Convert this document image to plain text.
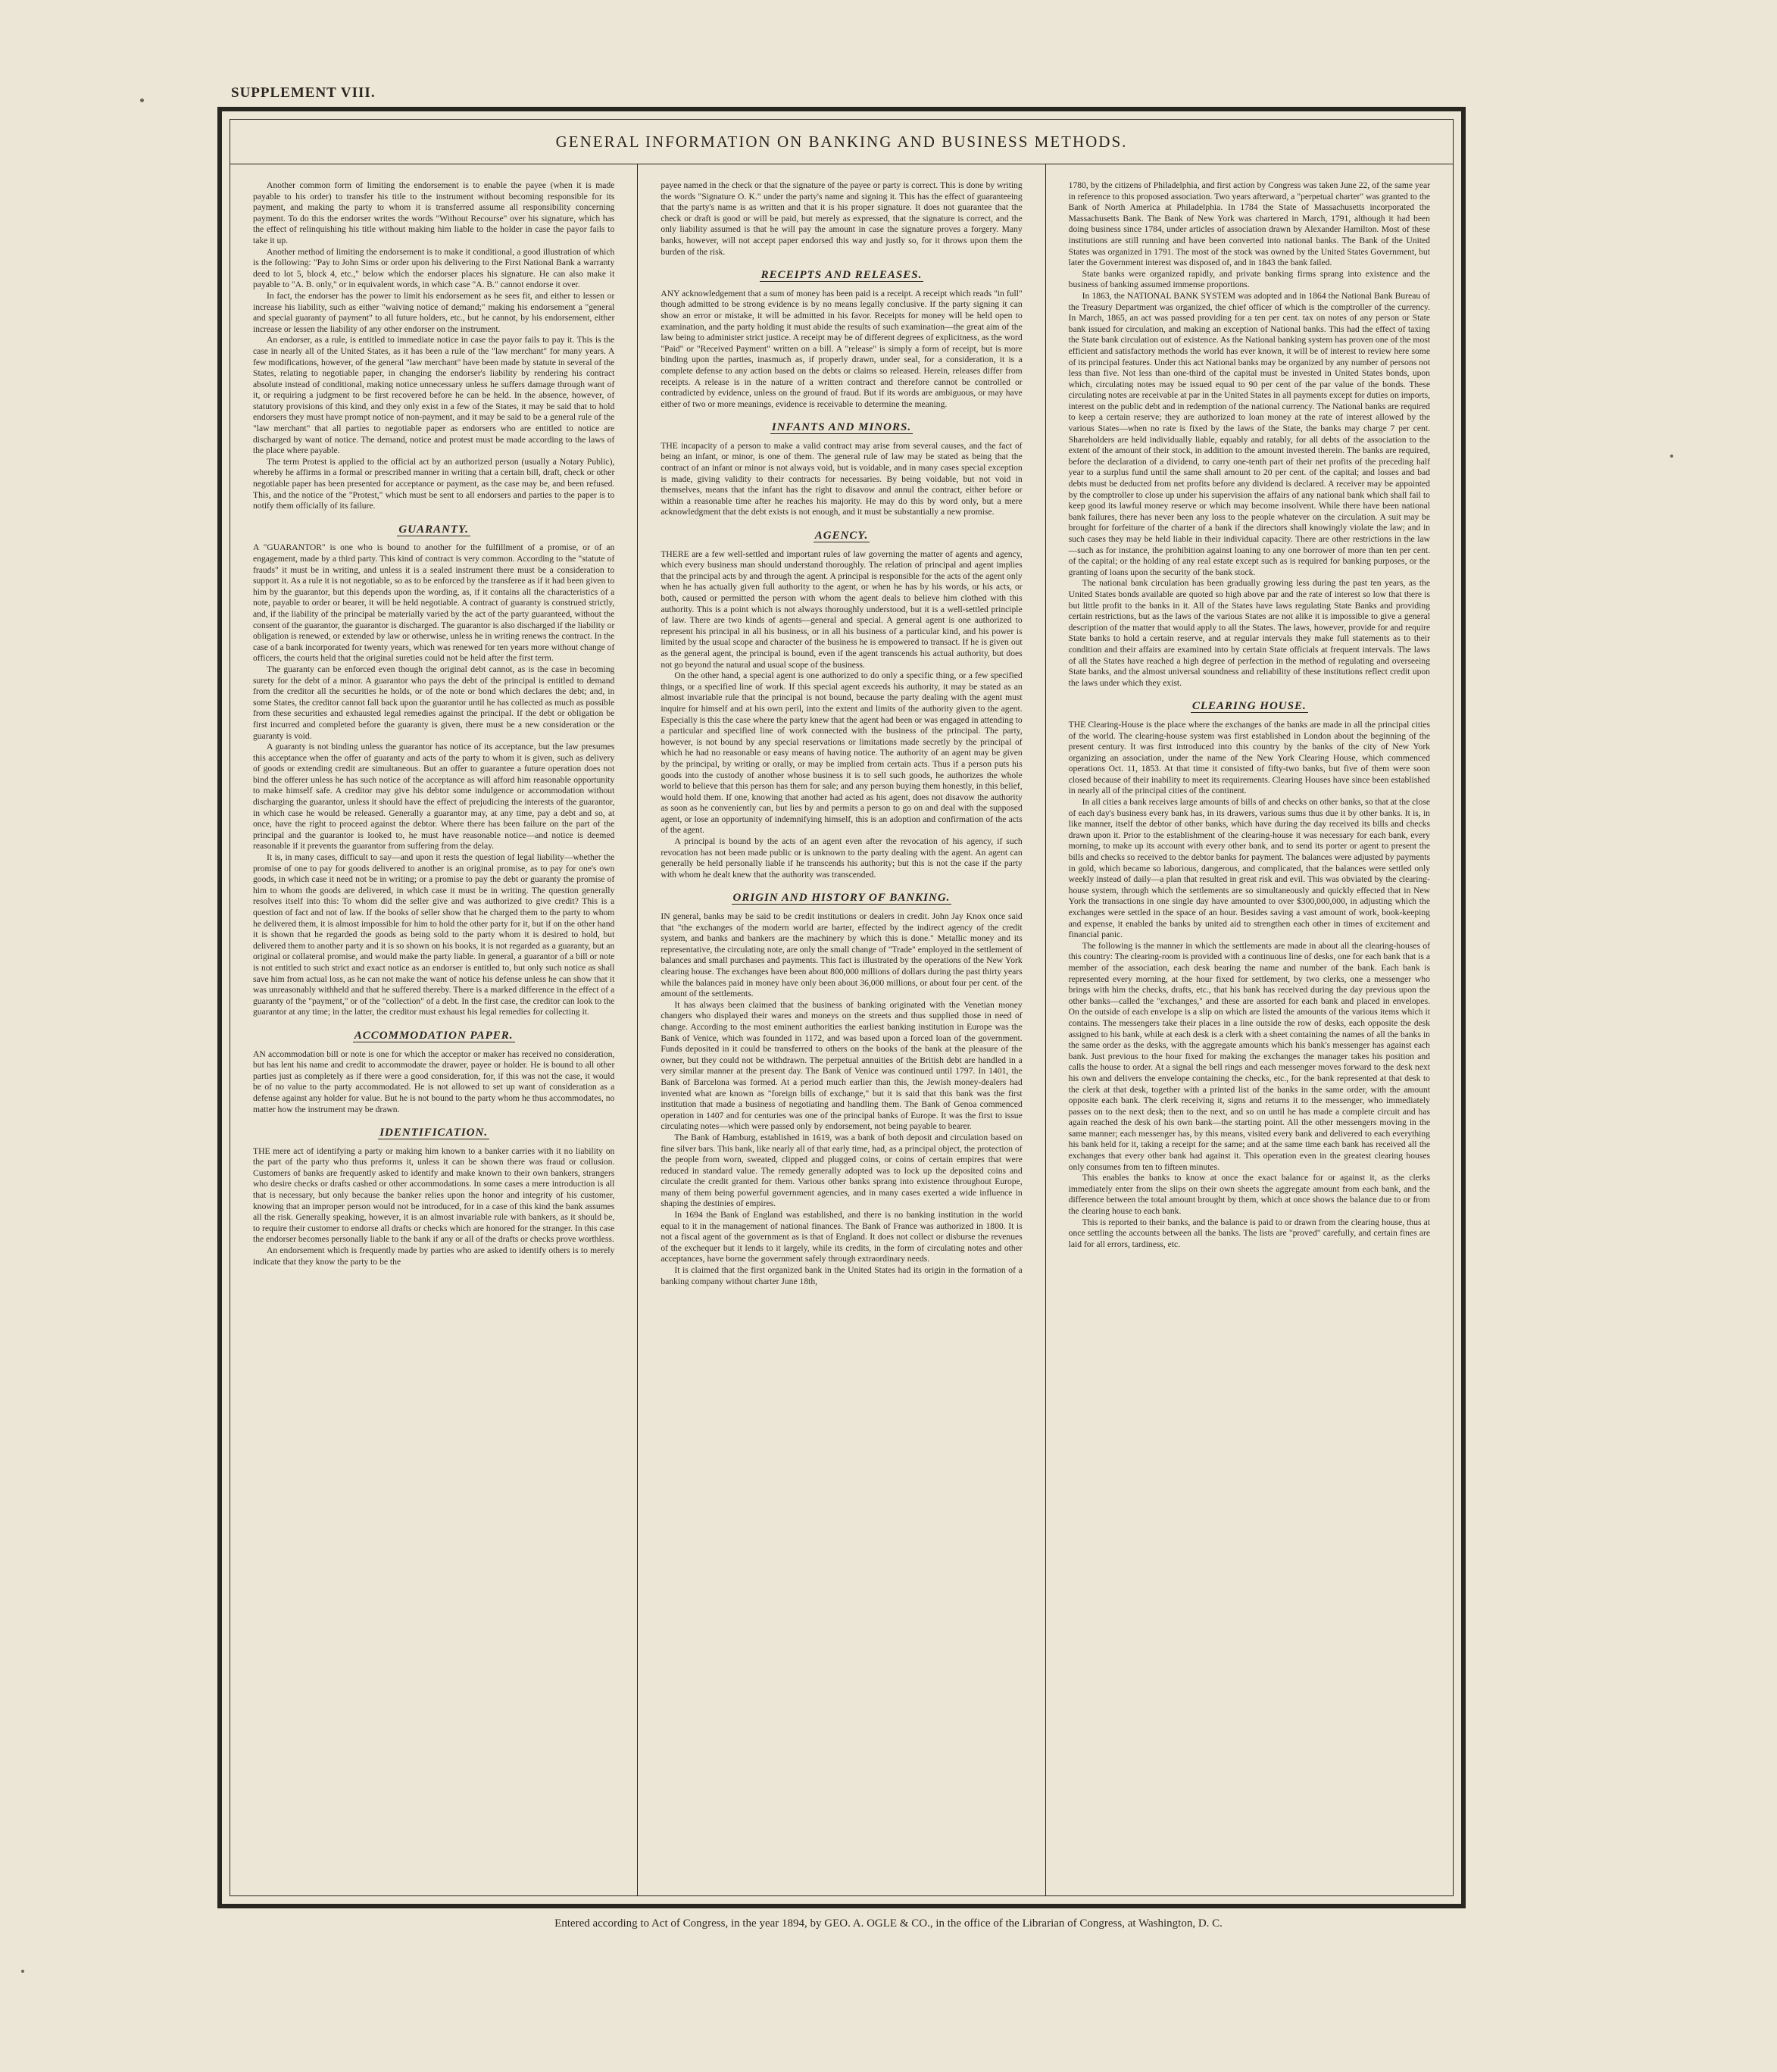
SUPPLEMENT VIII.
GENERAL INFORMATION ON BANKING AND BUSINESS METHODS.

Another common form of limiting the endorsement is to enable the payee (when it is made payable to his order) to transfer his title to the instrument without becoming responsible for its payment, and making the party to whom it is transferred assume all responsibility concerning payment. To do this the endorser writes the words "Without Recourse" over his signature, which has the effect of relinquishing his title without making him liable to the holder in case the payor fails to take it up.

Another method of limiting the endorsement is to make it conditional, a good illustration of which is the following: "Pay to John Sims or order upon his delivering to the First National Bank a warranty deed to lot 5, block 4, etc.," below which the endorser places his signature. He can also make it payable to "A. B. only," or in equivalent words, in which case "A. B." cannot endorse it over.

In fact, the endorser has the power to limit his endorsement as he sees fit, and either to lessen or increase his liability, such as either "waiving notice of demand;" making his endorsement a "general and special guaranty of payment" to all future holders, etc., but he cannot, by his endorsement, either increase or lessen the liability of any other endorser on the instrument.

An endorser, as a rule, is entitled to immediate notice in case the payor fails to pay it. This is the case in nearly all of the United States, as it has been a rule of the "law merchant" for many years. A few modifications, however, of the general "law merchant" have been made by statute in several of the States, relating to negotiable paper, in changing the endorser's liability by rendering his contract absolute instead of conditional, making notice unnecessary unless he suffers damage through want of it, or requiring a judgment to be first recovered before he can be held. In the absence, however, of statutory provisions of this kind, and they only exist in a few of the States, it may be said that to hold endorsers they must have prompt notice of non-payment, and it may be said to be a general rule of the "law merchant" that all parties to negotiable paper as endorsers who are entitled to notice are discharged by want of notice. The demand, notice and protest must be made according to the laws of the place where payable.

The term Protest is applied to the official act by an authorized person (usually a Notary Public), whereby he affirms in a formal or prescribed manner in writing that a certain bill, draft, check or other negotiable paper has been presented for acceptance or payment, as the case may be, and been refused. This, and the notice of the "Protest," which must be sent to all endorsers and parties to the paper is to notify them officially of its failure.

GUARANTY.

A "GUARANTOR" is one who is bound to another for the fulfillment of a promise, or of an engagement, made by a third party. This kind of contract is very common. According to the "statute of frauds" it must be in writing, and unless it is a sealed instrument there must be a consideration to support it. As a rule it is not negotiable, so as to be enforced by the transferee as if it had been given to him by the guarantor, but this depends upon the wording, as, if it contains all the characteristics of a note, payable to order or bearer, it will be held negotiable. A contract of guaranty is construed strictly, and, if the liability of the principal be materially varied by the act of the party guaranteed, without the consent of the guarantor, the guarantor is discharged. The guarantor is also discharged if the liability or obligation is renewed, or extended by law or otherwise, unless he in writing renews the contract. In the case of a bank incorporated for twenty years, which was renewed for ten years more without change of officers, the courts held that the original sureties could not be held after the first term.

The guaranty can be enforced even though the original debt cannot, as is the case in becoming surety for the debt of a minor. A guarantor who pays the debt of the principal is entitled to demand from the creditor all the securities he holds, or of the note or bond which declares the debt; and, in some States, the creditor cannot fall back upon the guarantor until he has collected as much as possible from these securities and exhausted legal remedies against the principal. If the debt or obligation be first incurred and completed before the guaranty is given, there must be a new consideration or the guaranty is void.

A guaranty is not binding unless the guarantor has notice of its acceptance, but the law presumes this acceptance when the offer of guaranty and acts of the party to whom it is given, such as delivery of goods or extending credit are simultaneous. But an offer to guarantee a future operation does not bind the offerer unless he has such notice of the acceptance as will afford him reasonable opportunity to make himself safe. A creditor may give his debtor some indulgence or accommodation without discharging the guarantor, unless it should have the effect of prejudicing the interests of the guarantor, in which case he would be released. Generally a guarantor may, at any time, pay a debt and so, at once, have the right to proceed against the debtor. Where there has been failure on the part of the principal and the guarantor is looked to, he must have reasonable notice—and notice is deemed reasonable if it prevents the guarantor from suffering from the delay.

It is, in many cases, difficult to say—and upon it rests the question of legal liability—whether the promise of one to pay for goods delivered to another is an original promise, as to pay for one's own goods, in which case it need not be in writing; or a promise to pay the debt or guaranty the promise of him to whom the goods are delivered, in which case it must be in writing. The question generally resolves itself into this: To whom did the seller give and was authorized to give credit? This is a question of fact and not of law. If the books of seller show that he charged them to the party to whom he delivered them, it is almost impossible for him to hold the other party for it, but if on the other hand it is shown that he regarded the goods as being sold to the party whom it is desired to hold, but delivered them to another party and it is so shown on his books, it is not regarded as a guaranty, but an original or collateral promise, and would make the party liable. In general, a guarantor of a bill or note is not entitled to such strict and exact notice as an endorser is entitled to, but only such notice as shall save him from actual loss, as he can not make the want of notice his defense unless he can show that it was unreasonably withheld and that he suffered thereby. There is a marked difference in the effect of a guaranty of the "payment," or of the "collection" of a debt. In the first case, the creditor can look to the guarantor at any time; in the latter, the creditor must exhaust his legal remedies for collecting it.

ACCOMMODATION PAPER.

AN accommodation bill or note is one for which the acceptor or maker has received no consideration, but has lent his name and credit to accommodate the drawer, payee or holder. He is bound to all other parties just as completely as if there were a good consideration, for, if this was not the case, it would be of no value to the party accommodated. He is not allowed to set up want of consideration as a defense against any holder for value. But he is not bound to the party whom he thus accommodates, no matter how the instrument may be drawn.

IDENTIFICATION.

THE mere act of identifying a party or making him known to a banker carries with it no liability on the part of the party who thus preforms it, unless it can be shown there was fraud or collusion. Customers of banks are frequently asked to identify and make known to their own bankers, strangers who desire checks or drafts cashed or other accommodations. In some cases a mere introduction is all that is necessary, but only because the banker relies upon the honor and integrity of his customer, knowing that an improper person would not be introduced, for in a case of this kind the bank assumes all the risk. Generally speaking, however, it is an almost invariable rule with bankers, as it should be, to require their customer to endorse all drafts or checks which are honored for the stranger. In this case the endorser becomes personally liable to the bank if any or all of the drafts or checks prove worthless.

An endorsement which is frequently made by parties who are asked to identify others is to merely indicate that they know the party to be the

payee named in the check or that the signature of the payee or party is correct. This is done by writing the words "Signature O. K." under the party's name and signing it. This has the effect of guaranteeing that the party's name is as written and that it is his proper signature. It does not guarantee that the check or draft is good or will be paid, but merely as expressed, that the signature is correct, and the only liability assumed is that he will pay the amount in case the signature proves a forgery. Many banks, however, will not accept paper endorsed this way and justly so, for it throws upon them the burden of the risk.

RECEIPTS AND RELEASES.

ANY acknowledgement that a sum of money has been paid is a receipt. A receipt which reads "in full" though admitted to be strong evidence is by no means legally conclusive. If the party signing it can show an error or mistake, it will be admitted in his favor. Receipts for money will be held open to examination, and the party holding it must abide the results of such examination—the great aim of the law being to administer strict justice. A receipt may be of different degrees of explicitness, as the word "Paid" or "Received Payment" written on a bill. A "release" is simply a form of receipt, but is more binding upon the parties, inasmuch as, if properly drawn, under seal, for a consideration, it is a complete defense to any action based on the debts or claims so released. Herein, releases differ from receipts. A release is in the nature of a written contract and therefore cannot be controlled or contradicted by evidence, unless on the ground of fraud. But if its words are ambiguous, or may have either of two or more meanings, evidence is receivable to determine the meaning.

INFANTS AND MINORS.

THE incapacity of a person to make a valid contract may arise from several causes, and the fact of being an infant, or minor, is one of them. The general rule of law may be stated as being that the contract of an infant or minor is not always void, but is voidable, and in many cases special exception is made, giving validity to their contracts for necessaries. By being voidable, but not void in themselves, means that the infant has the right to disavow and annul the contract, either before or within a reasonable time after he reaches his majority. He may do this by word only, but a mere acknowledgment that the debt exists is not enough, and it must be substantially a new promise.

AGENCY.

THERE are a few well-settled and important rules of law governing the matter of agents and agency, which every business man should understand thoroughly. The relation of principal and agent implies that the principal acts by and through the agent. A principal is responsible for the acts of the agent only when he has actually given full authority to the agent, or when he has by his words, or his acts, or both, caused or permitted the person with whom the agent deals to believe him clothed with this authority. This is a point which is not always thoroughly understood, but it is a well-settled principle of law. There are two kinds of agents—general and special. A general agent is one authorized to represent his principal in all his business, or in all his business of a particular kind, and his power is limited by the usual scope and character of the business he is empowered to transact. If he is given out as the general agent, the principal is bound, even if the agent transcends his actual authority, but does not go beyond the natural and usual scope of the business.

On the other hand, a special agent is one authorized to do only a specific thing, or a few specified things, or a specified line of work. If this special agent exceeds his authority, it may be stated as an almost invariable rule that the principal is not bound, because the party dealing with the agent must inquire for himself and at his own peril, into the extent and limits of the authority given to the agent. Especially is this the case where the party knew that the agent had been or was engaged in attending to a particular and specified line of work connected with the business of the principal. The party, however, is not bound by any special reservations or limitations made secretly by the principal of which he had no reasonable or easy means of having notice. The authority of an agent may be given by the principal, by writing or orally, or may be implied from certain acts. Thus if a person puts his goods into the custody of another whose business it is to sell such goods, he authorizes the whole world to believe that this person has them for sale; and any person buying them honestly, in this belief, would hold them. If one, knowing that another had acted as his agent, does not disavow the authority as soon as he conveniently can, but lies by and permits a person to go on and deal with the supposed agent, or lose an opportunity of indemnifying himself, this is an adoption and confirmation of the acts of the agent.

A principal is bound by the acts of an agent even after the revocation of his agency, if such revocation has not been made public or is unknown to the party dealing with the agent. An agent can generally be held personally liable if he transcends his authority; but this is not the case if the party with whom he dealt knew that the authority was transcended.

ORIGIN AND HISTORY OF BANKING.

IN general, banks may be said to be credit institutions or dealers in credit. John Jay Knox once said that "the exchanges of the modern world are barter, effected by the indirect agency of the credit system, and banks and bankers are the machinery by which this is done." Metallic money and its representative, the circulating note, are only the small change of "Trade" employed in the settlement of balances and small purchases and payments. This fact is illustrated by the operations of the New York clearing house. The exchanges have been about 800,000 millions of dollars during the past thirty years while the balances paid in money have only been about 36,000 millions, or about four per cent. of the amount of the settlements.

It has always been claimed that the business of banking originated with the Venetian money changers who displayed their wares and moneys on the streets and thus supplied those in need of change. According to the most eminent authorities the earliest banking institution in Europe was the Bank of Venice, which was founded in 1172, and was based upon a forced loan of the government. Funds deposited in it could be transferred to others on the books of the bank at the pleasure of the owner, but they could not be withdrawn. The perpetual annuities of the British debt are handled in a very similar manner at the present day. The Bank of Venice was continued until 1797. In 1401, the Bank of Barcelona was formed. At a period much earlier than this, the Jewish money-dealers had invented what are known as "foreign bills of exchange," but it is said that this bank was the first institution that made a business of negotiating and handling them. The Bank of Genoa commenced operation in 1407 and for centuries was one of the principal banks of Europe. It was the first to issue circulating notes—which were passed only by endorsement, not being payable to bearer.

The Bank of Hamburg, established in 1619, was a bank of both deposit and circulation based on fine silver bars. This bank, like nearly all of that early time, had, as a principal object, the protection of the people from worn, sweated, clipped and plugged coins, or coins of certain empires that were reduced in standard value. The remedy generally adopted was to lock up the deposited coins and circulate the credit granted for them. Various other banks sprang into existence throughout Europe, many of them being powerful government agencies, and in many cases exerted a wide influence in shaping the destinies of empires.

In 1694 the Bank of England was established, and there is no banking institution in the world equal to it in the management of national finances. The Bank of France was authorized in 1800. It is not a fiscal agent of the government as is that of England. It does not collect or disburse the revenues of the exchequer but it lends to it largely, while its credits, in the form of circulating notes and other acceptances, have borne the government safely through extraordinary needs.

It is claimed that the first organized bank in the United States had its origin in the formation of a banking company without charter June 18th,

1780, by the citizens of Philadelphia, and first action by Congress was taken June 22, of the same year in reference to this proposed association. Two years afterward, a "perpetual charter" was granted to the Bank of North America at Philadelphia. In 1784 the State of Massachusetts incorporated the Massachusetts Bank. The Bank of New York was chartered in March, 1791, although it had been doing business since 1784, under articles of association drawn by Alexander Hamilton. Most of these institutions are still running and have been converted into national banks. The Bank of the United States was organized in 1791. The most of the stock was owned by the United States Government, but later the Government interest was disposed of, and in 1843 the bank failed.

State banks were organized rapidly, and private banking firms sprang into existence and the business of banking assumed immense proportions.

In 1863, the NATIONAL BANK SYSTEM was adopted and in 1864 the National Bank Bureau of the Treasury Department was organized, the chief officer of which is the comptroller of the currency. In March, 1865, an act was passed providing for a ten per cent. tax on notes of any person or State bank issued for circulation, and making an exception of National banks. This had the effect of taxing the State bank circulation out of existence. As the National banking system has proven one of the most efficient and satisfactory methods the world has ever known, it will be of interest to review here some of its principal features. Under this act National banks may be organized by any number of persons not less than five. Not less than one-third of the capital must be invested in United States bonds, upon which, circulating notes may be issued equal to 90 per cent of the par value of the bonds. These circulating notes are receivable at par in the United States in all payments except for duties on imports, interest on the public debt and in redemption of the national currency. The National banks are required to keep a certain reserve; they are authorized to loan money at the rate of interest allowed by the various States—when no rate is fixed by the laws of the State, the banks may charge 7 per cent. Shareholders are held individually liable, equably and ratably, for all debts of the association to the extent of the amount of their stock, in addition to the amount invested therein. The banks are required, before the declaration of a dividend, to carry one-tenth part of their net profits of the preceding half year to a surplus fund until the same shall amount to 20 per cent. of the capital; and losses and bad debts must be deducted from net profits before any dividend is declared. A receiver may be appointed by the comptroller to close up under his supervision the affairs of any national bank which shall fail to keep good its lawful money reserve or which may become insolvent. While there have been national bank failures, there has never been any loss to the people whatever on the circulation. A suit may be brought for forfeiture of the charter of a bank if the directors shall knowingly violate the law; and in such cases they may be held liable in their individual capacity. There are other restrictions in the law—such as for instance, the prohibition against loaning to any one borrower of more than ten per cent. of the capital; or the holding of any real estate except such as is required for banking purposes, or the granting of loans upon the security of the bank stock.

The national bank circulation has been gradually growing less during the past ten years, as the United States bonds available are quoted so high above par and the rate of interest so low that there is but little profit to the banks in it. All of the States have laws regulating State Banks and providing certain restrictions, but as the laws of the various States are not alike it is impossible to give a general description of the matter that would apply to all the States. The laws, however, provide for and require State banks to hold a certain reserve, and at regular intervals they make full statements as to their condition and their affairs are examined into by certain State officials at frequent intervals. The laws of all the States have reached a high degree of perfection in the method of regulating and overseeing State banks, and the almost universal soundness and reliability of these institutions reflect credit upon the laws under which they exist.

CLEARING HOUSE.

THE Clearing-House is the place where the exchanges of the banks are made in all the principal cities of the world. The clearing-house system was first established in London about the beginning of the present century. It was first introduced into this country by the banks of the city of New York organizing an association, under the name of the New York Clearing House, which commenced operations Oct. 11, 1853. At that time it consisted of fifty-two banks, but five of them were soon closed because of their inability to meet its requirements. Clearing Houses have since been established in nearly all of the principal cities of the continent.

In all cities a bank receives large amounts of bills of and checks on other banks, so that at the close of each day's business every bank has, in its drawers, various sums thus due it by other banks. It is, in like manner, itself the debtor of other banks, which have during the day received its bills and checks drawn upon it. Prior to the establishment of the clearing-house it was necessary for each bank, every morning, to make up its account with every other bank, and to send its porter or agent to present the bills and checks so received to the debtor banks for payment. The balances were adjusted by payments in gold, which became so laborious, dangerous, and complicated, that the balances were settled only weekly instead of daily—a plan that resulted in great risk and evil. This was obviated by the clearing-house system, through which the settlements are so simultaneously and quickly effected that in New York the transactions in one single day have amounted to over $300,000,000, in adjusting which the exchanges were settled in the space of an hour. Besides saving a vast amount of work, book-keeping and expense, it enabled the banks by united aid to strengthen each other in times of excitement and financial panic.

The following is the manner in which the settlements are made in about all the clearing-houses of this country: The clearing-room is provided with a continuous line of desks, one for each bank that is a member of the association, each desk bearing the name and number of the bank. Each bank is represented every morning, at the hour fixed for settlement, by two clerks, one a messenger who brings with him the checks, drafts, etc., that his bank has received during the day previous upon the other banks—called the "exchanges," and these are assorted for each bank and placed in envelopes. On the outside of each envelope is a slip on which are listed the amounts of the various items which it contains. The messengers take their places in a line outside the row of desks, each opposite the desk assigned to his bank, while at each desk is a clerk with a sheet containing the names of all the banks in the same order as the desks, with the aggregate amounts which his bank's messenger has against each bank. Just previous to the hour fixed for making the exchanges the manager takes his position and calls the house to order. At a signal the bell rings and each messenger moves forward to the desk next his own and delivers the envelope containing the checks, etc., for the bank represented at that desk to the clerk at that desk, together with a printed list of the banks in the same order, with the amount opposite each bank. The clerk receiving it, signs and returns it to the messenger, who immediately passes on to the next desk; then to the next, and so on until he has made a complete circuit and has again reached the desk of his own bank—the starting point. All the other messengers moving in the same manner; each messenger has, by this means, visited every bank and delivered to each everything his bank held for it, taking a receipt for the same; and at the same time each bank has received all the exchanges that every other bank had against it. This operation even in the greatest clearing houses only consumes from ten to fifteen minutes.

This enables the banks to know at once the exact balance for or against it, as the clerks immediately enter from the slips on their own sheets the aggregate amount from each bank, and the difference between the total amount brought by them, which at once shows the balance due to or from the clearing house to each bank.

This is reported to their banks, and the balance is paid to or drawn from the clearing house, thus at once settling the accounts between all the banks. The lists are "proved" carefully, and certain fines are laid for all errors, tardiness, etc.

Entered according to Act of Congress, in the year 1894, by GEO. A. OGLE & CO., in the office of the Librarian of Congress, at Washington, D. C.
